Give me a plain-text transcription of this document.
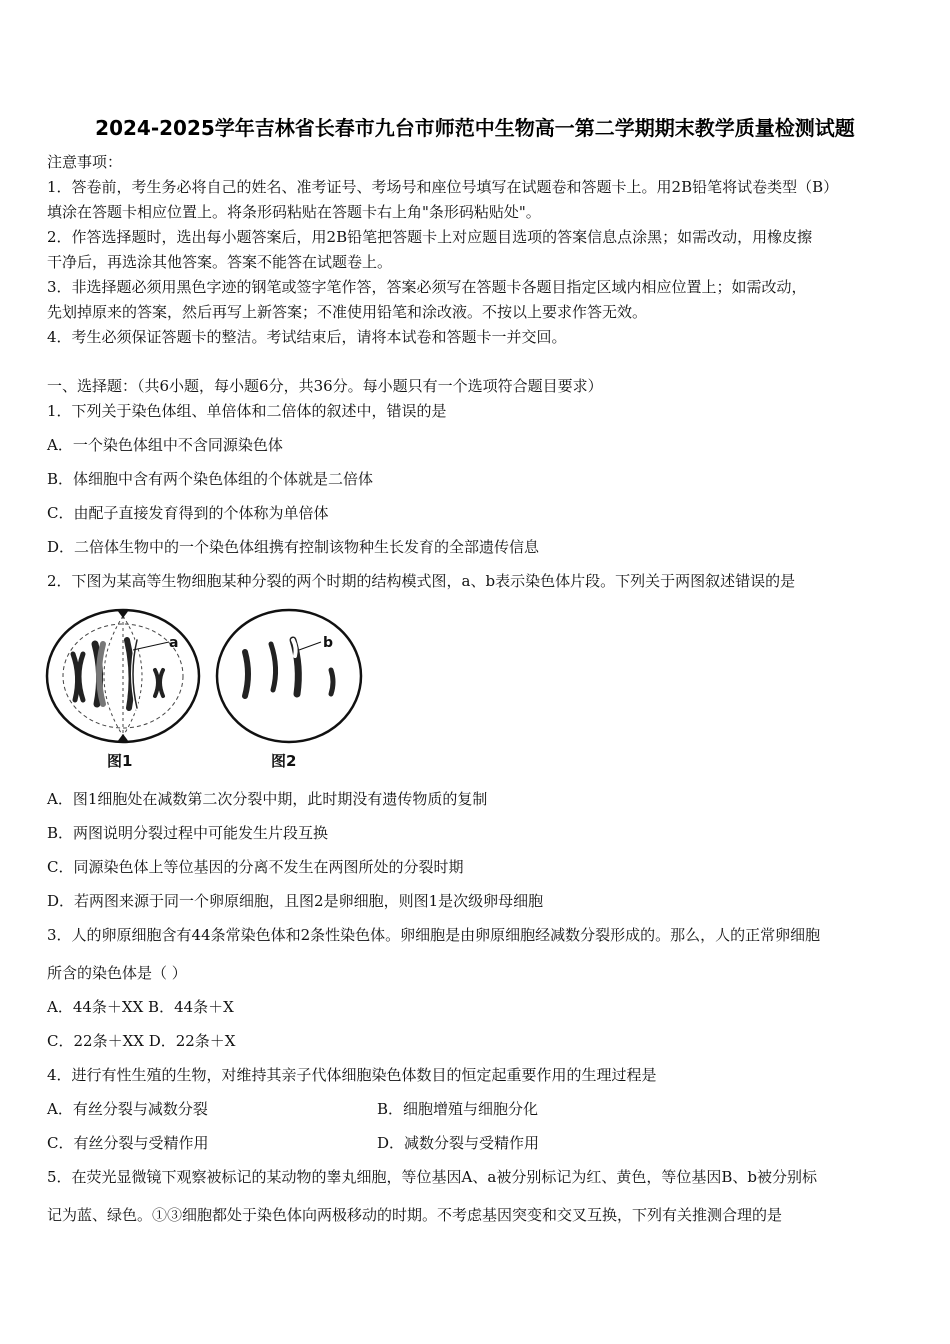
2024-2025学年吉林省长春市九台市师范中生物高一第二学期期末教学质量检测试题
注意事项：
1．答卷前，考生务必将自己的姓名、准考证号、考场号和座位号填写在试题卷和答题卡上。用2B铅笔将试卷类型（B）
填涂在答题卡相应位置上。将条形码粘贴在答题卡右上角"条形码粘贴处"。
2．作答选择题时，选出每小题答案后，用2B铅笔把答题卡上对应题目选项的答案信息点涂黑；如需改动，用橡皮擦
干净后，再选涂其他答案。答案不能答在试题卷上。
3．非选择题必须用黑色字迹的钢笔或签字笔作答，答案必须写在答题卡各题目指定区域内相应位置上；如需改动，
先划掉原来的答案，然后再写上新答案；不准使用铅笔和涂改液。不按以上要求作答无效。
4．考生必须保证答题卡的整洁。考试结束后，请将本试卷和答题卡一并交回。
一、选择题：（共6小题，每小题6分，共36分。每小题只有一个选项符合题目要求）
1．下列关于染色体组、单倍体和二倍体的叙述中，错误的是
A．一个染色体组中不含同源染色体
B．体细胞中含有两个染色体组的个体就是二倍体
C．由配子直接发育得到的个体称为单倍体
D．二倍体生物中的一个染色体组携有控制该物种生长发育的全部遗传信息
2．下图为某高等生物细胞某种分裂的两个时期的结构模式图，a、b表示染色体片段。下列关于两图叙述错误的是
a
图1
b
图2
A．图1细胞处在减数第二次分裂中期，此时期没有遗传物质的复制
B．两图说明分裂过程中可能发生片段互换
C．同源染色体上等位基因的分离不发生在两图所处的分裂时期
D．若两图来源于同一个卵原细胞，且图2是卵细胞，则图1是次级卵母细胞
3．人的卵原细胞含有44条常染色体和2条性染色体。卵细胞是由卵原细胞经减数分裂形成的。那么，人的正常卵细胞
所含的染色体是（ ）
A．44条＋XX B．44条＋X
C．22条＋XX D．22条＋X
4．进行有性生殖的生物，对维持其亲子代体细胞染色体数目的恒定起重要作用的生理过程是
A．有丝分裂与减数分裂	B．细胞增殖与细胞分化
C．有丝分裂与受精作用	D．减数分裂与受精作用
5．在荧光显微镜下观察被标记的某动物的睾丸细胞，等位基因A、a被分别标记为红、黄色，等位基因B、b被分别标
记为蓝、绿色。①③细胞都处于染色体向两极移动的时期。不考虑基因突变和交叉互换，下列有关推测合理的是
